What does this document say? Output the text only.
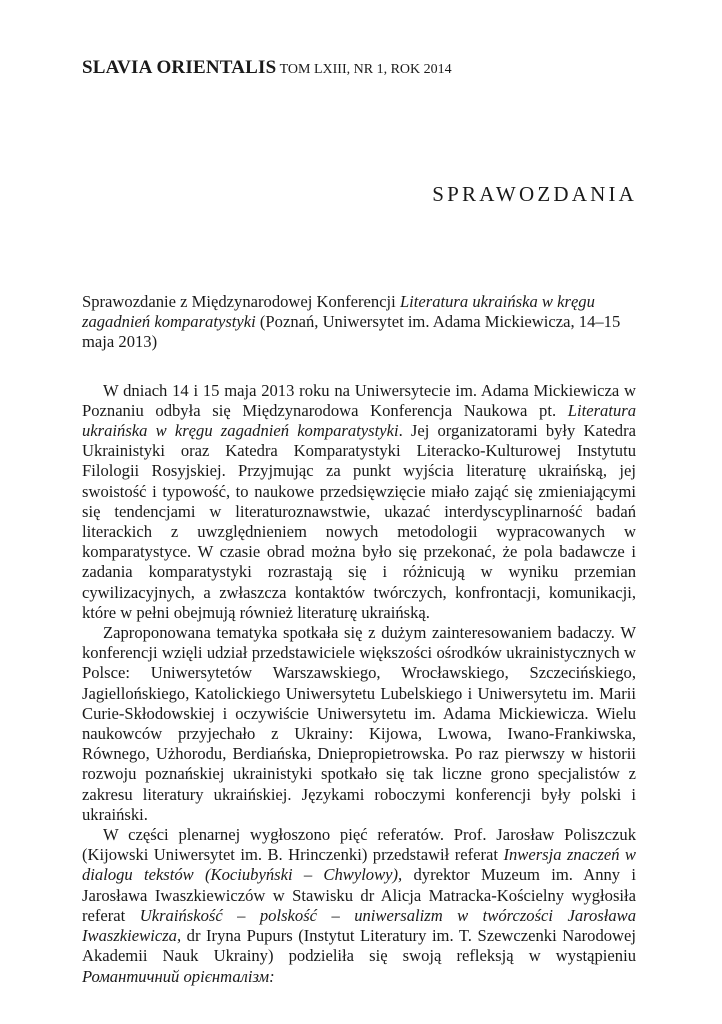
SLAVIA ORIENTALIS TOM LXIII, NR 1, ROK 2014
SPRAWOZDANIA

Sprawozdanie z Międzynarodowej Konferencji Literatura ukraińska w kręgu zagadnień komparatystyki (Poznań, Uniwersytet im. Adama Mickiewicza, 14–15 maja 2013)

W dniach 14 i 15 maja 2013 roku na Uniwersytecie im. Adama Mickiewicza w Poznaniu odbyła się Międzynarodowa Konferencja Naukowa pt. Literatura ukraińska w kręgu zagadnień komparatystyki. Jej organizatorami były Katedra Ukrainistyki oraz Katedra Komparatystyki Literacko-Kulturowej Instytutu Filologii Rosyjskiej. Przyjmując za punkt wyjścia literaturę ukraińską, jej swoistość i typowość, to naukowe przedsięwzięcie miało zająć się zmieniającymi się tendencjami w literaturoznawstwie, ukazać interdyscyplinarność badań literackich z uwzględnieniem nowych metodologii wypracowanych w komparatystyce. W czasie obrad można było się przekonać, że pola badawcze i zadania komparatystyki rozrastają się i różnicują w wyniku przemian cywilizacyjnych, a zwłaszcza kontaktów twórczych, konfrontacji, komunikacji, które w pełni obejmują również literaturę ukraińską.

Zaproponowana tematyka spotkała się z dużym zainteresowaniem badaczy. W konferencji wzięli udział przedstawiciele większości ośrodków ukrainistycznych w Polsce: Uniwersytetów Warszawskiego, Wrocławskiego, Szczecińskiego, Jagiellońskiego, Katolickiego Uniwersytetu Lubelskiego i Uniwersytetu im. Marii Curie-Skłodowskiej i oczywiście Uniwersytetu im. Adama Mickiewicza. Wielu naukowców przyjechało z Ukrainy: Kijowa, Lwowa, Iwano-Frankiwska, Równego, Użhorodu, Berdiańska, Dniepropietrowska. Po raz pierwszy w historii rozwoju poznańskiej ukrainistyki spotkało się tak liczne grono specjalistów z zakresu literatury ukraińskiej. Językami roboczymi konferencji były polski i ukraiński.

W części plenarnej wygłoszono pięć referatów. Prof. Jarosław Poliszczuk (Kijowski Uniwersytet im. B. Hrinczenki) przedstawił referat Inwersja znaczeń w dialogu tekstów (Kociubyński – Chwylowy), dyrektor Muzeum im. Anny i Jarosława Iwaszkiewiczów w Stawisku dr Alicja Matracka-Kościelny wygłosiła referat Ukraińskość – polskość – uniwersalizm w twórczości Jarosława Iwaszkiewicza, dr Iryna Pupurs (Instytut Literatury im. T. Szewczenki Narodowej Akademii Nauk Ukrainy) podzieliła się swoją refleksją w wystąpieniu Романтичний орієнталізм:
